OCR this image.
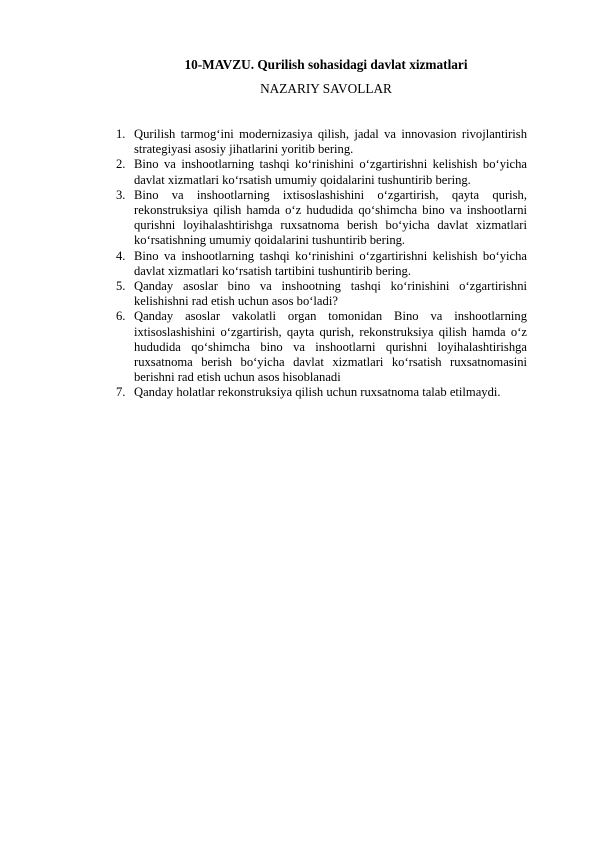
10-MAVZU. Qurilish sohasidagi davlat xizmatlari
NAZARIY SAVOLLAR
1. Qurilish tarmog‘ini modernizasiya qilish, jadal va innovasion rivojlantirish strategiyasi asosiy jihatlarini yoritib bering.
2. Bino va inshootlarning tashqi ko‘rinishini o‘zgartirishni kelishish bo‘yicha davlat xizmatlari ko‘rsatish umumiy qoidalarini tushuntirib bering.
3. Bino va inshootlarning ixtisoslashishini o‘zgartirish, qayta qurish, rekonstruksiya qilish hamda o‘z hududida qo‘shimcha bino va inshootlarni qurishni loyihalashtirishga ruxsatnoma berish bo‘yicha davlat xizmatlari ko‘rsatishning umumiy qoidalarini tushuntirib bering.
4. Bino va inshootlarning tashqi ko‘rinishini o‘zgartirishni kelishish bo‘yicha davlat xizmatlari ko‘rsatish tartibini tushuntirib bering.
5. Qanday asoslar bino va inshootning tashqi ko‘rinishini o‘zgartirishni kelishishni rad etish uchun asos bo‘ladi?
6. Qanday asoslar vakolatli organ tomonidan Bino va inshootlarning ixtisoslashishini o‘zgartirish, qayta qurish, rekonstruksiya qilish hamda o‘z hududida qo‘shimcha bino va inshootlarni qurishni loyihalashtirishga ruxsatnoma berish bo‘yicha davlat xizmatlari ko‘rsatish ruxsatnomasini berishni rad etish uchun asos hisoblanadi
7. Qanday holatlar rekonstruksiya qilish uchun ruxsatnoma talab etilmaydi.
